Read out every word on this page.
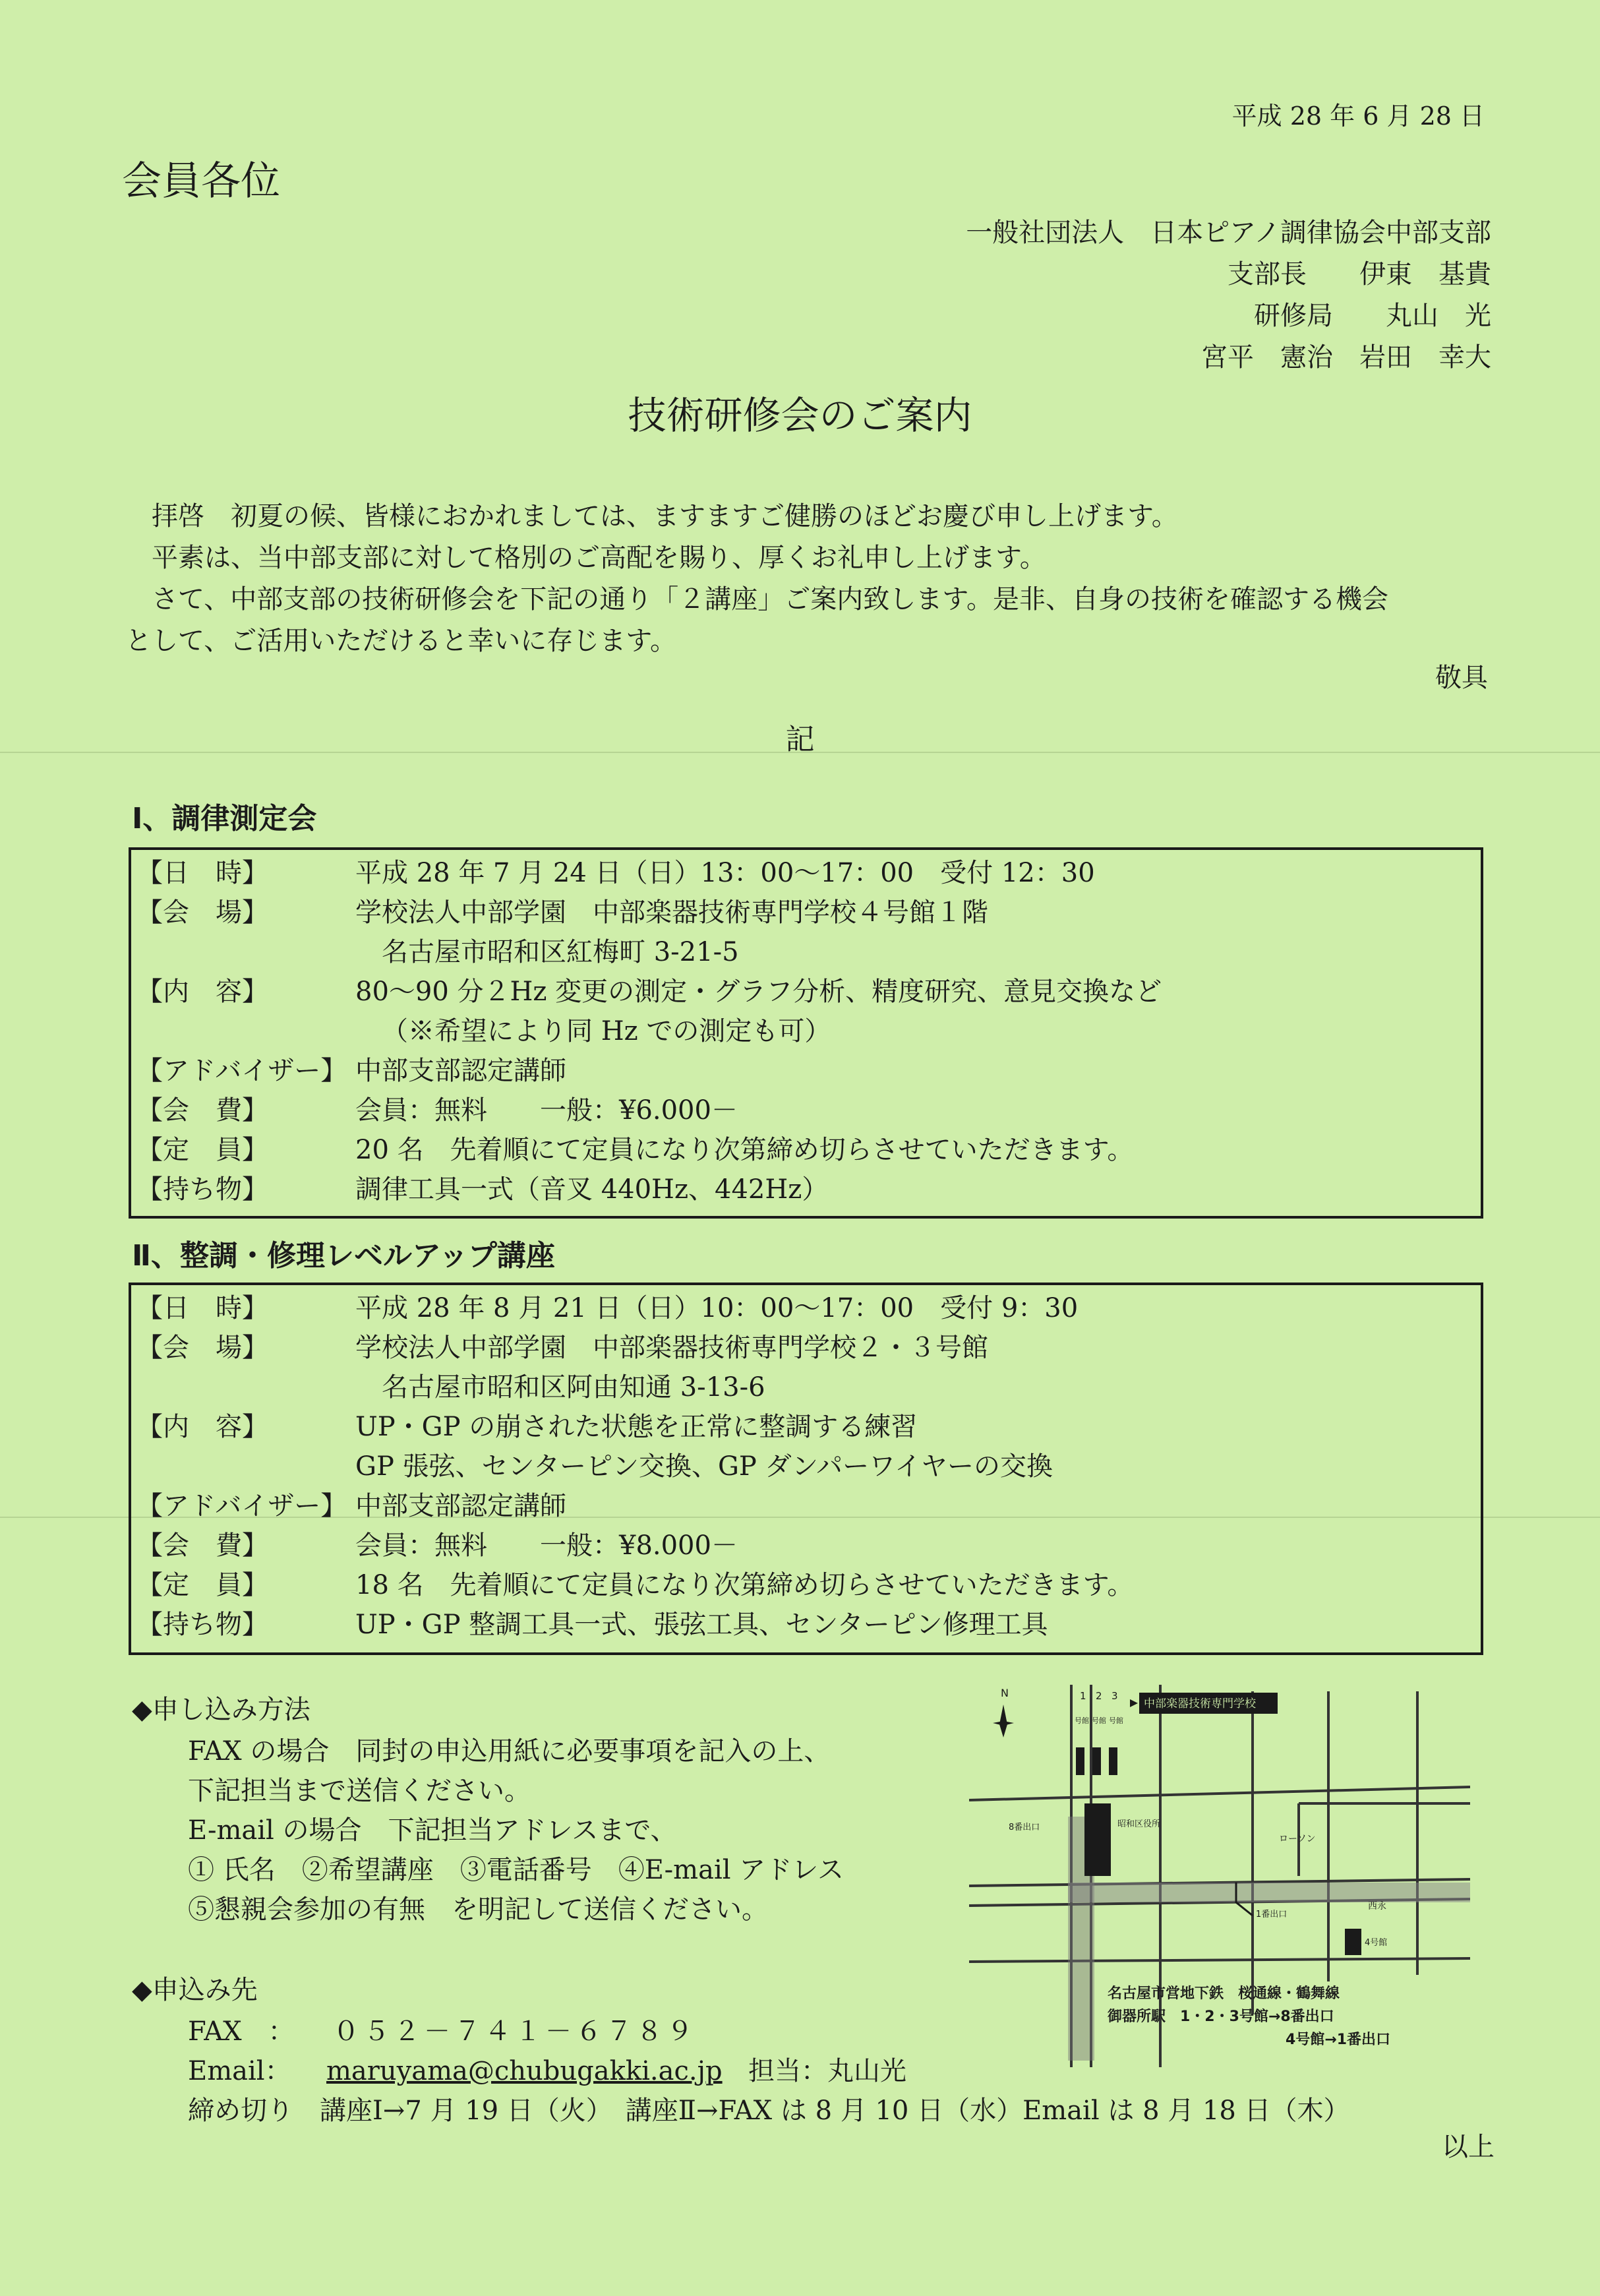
平成 28 年 6 月 28 日
会員各位
一般社団法人　日本ピアノ調律協会中部支部
支部長　　伊東　基貴
研修局　　丸山　光
宮平　憲治　岩田　幸大
技術研修会のご案内
拝啓　初夏の候、皆様におかれましては、ますますご健勝のほどお慶び申し上げます。
平素は、当中部支部に対して格別のご高配を賜り、厚くお礼申し上げます。
さて、中部支部の技術研修会を下記の通り「２講座」ご案内致します。是非、自身の技術を確認する機会
として、ご活用いただけると幸いに存じます。
敬具
記
Ⅰ、調律測定会
【日　時】	平成 28 年 7 月 24 日（日）13：00～17：00　受付 12：30
【会　場】	学校法人中部学園　中部楽器技術専門学校４号館１階
名古屋市昭和区紅梅町 3-21-5
【内　容】	80～90 分２Hz 変更の測定・グラフ分析、精度研究、意見交換など
（※希望により同 Hz での測定も可）
【アドバイザー】 中部支部認定講師
【会　費】	会員：無料　　一般：¥6.000－
【定　員】	20 名　先着順にて定員になり次第締め切らさせていただきます。
【持ち物】	調律工具一式（音叉 440Hz、442Hz）
Ⅱ、整調・修理レベルアップ講座
【日　時】	平成 28 年 8 月 21 日（日）10：00～17：00　受付 9：30
【会　場】	学校法人中部学園　中部楽器技術専門学校２・３号館
名古屋市昭和区阿由知通 3-13-6
【内　容】	UP・GP の崩された状態を正常に整調する練習
GP 張弦、センターピン交換、GP ダンパーワイヤーの交換
【アドバイザー】 中部支部認定講師
【会　費】	会員：無料　　一般：¥8.000－
【定　員】	18 名　先着順にて定員になり次第締め切らさせていただきます。
【持ち物】	UP・GP 整調工具一式、張弦工具、センターピン修理工具
◆申し込み方法
FAX の場合　同封の申込用紙に必要事項を記入の上、
下記担当まで送信ください。
E-mail の場合　下記担当アドレスまで、
① 氏名　②希望講座　③電話番号　④E-mail アドレス
⑤懇親会参加の有無　を明記して送信ください。
◆申込み先
FAX　： ０５２－７４１－６７８９
Email： maruyama@chubugakki.ac.jp 担当：丸山光
締め切り　講座Ⅰ→7 月 19 日（火）　講座Ⅱ→FAX は 8 月 10 日（水）Email は 8 月 18 日（木）
以上
N
中部楽器技術専門学校
1 2 3
号館 号館 号館
昭和区役所
8番出口
ローソン
1番出口
西永
4号館
名古屋市営地下鉄　桜通線・鶴舞線
御器所駅　1・2・3号館→8番出口
4号館→1番出口
